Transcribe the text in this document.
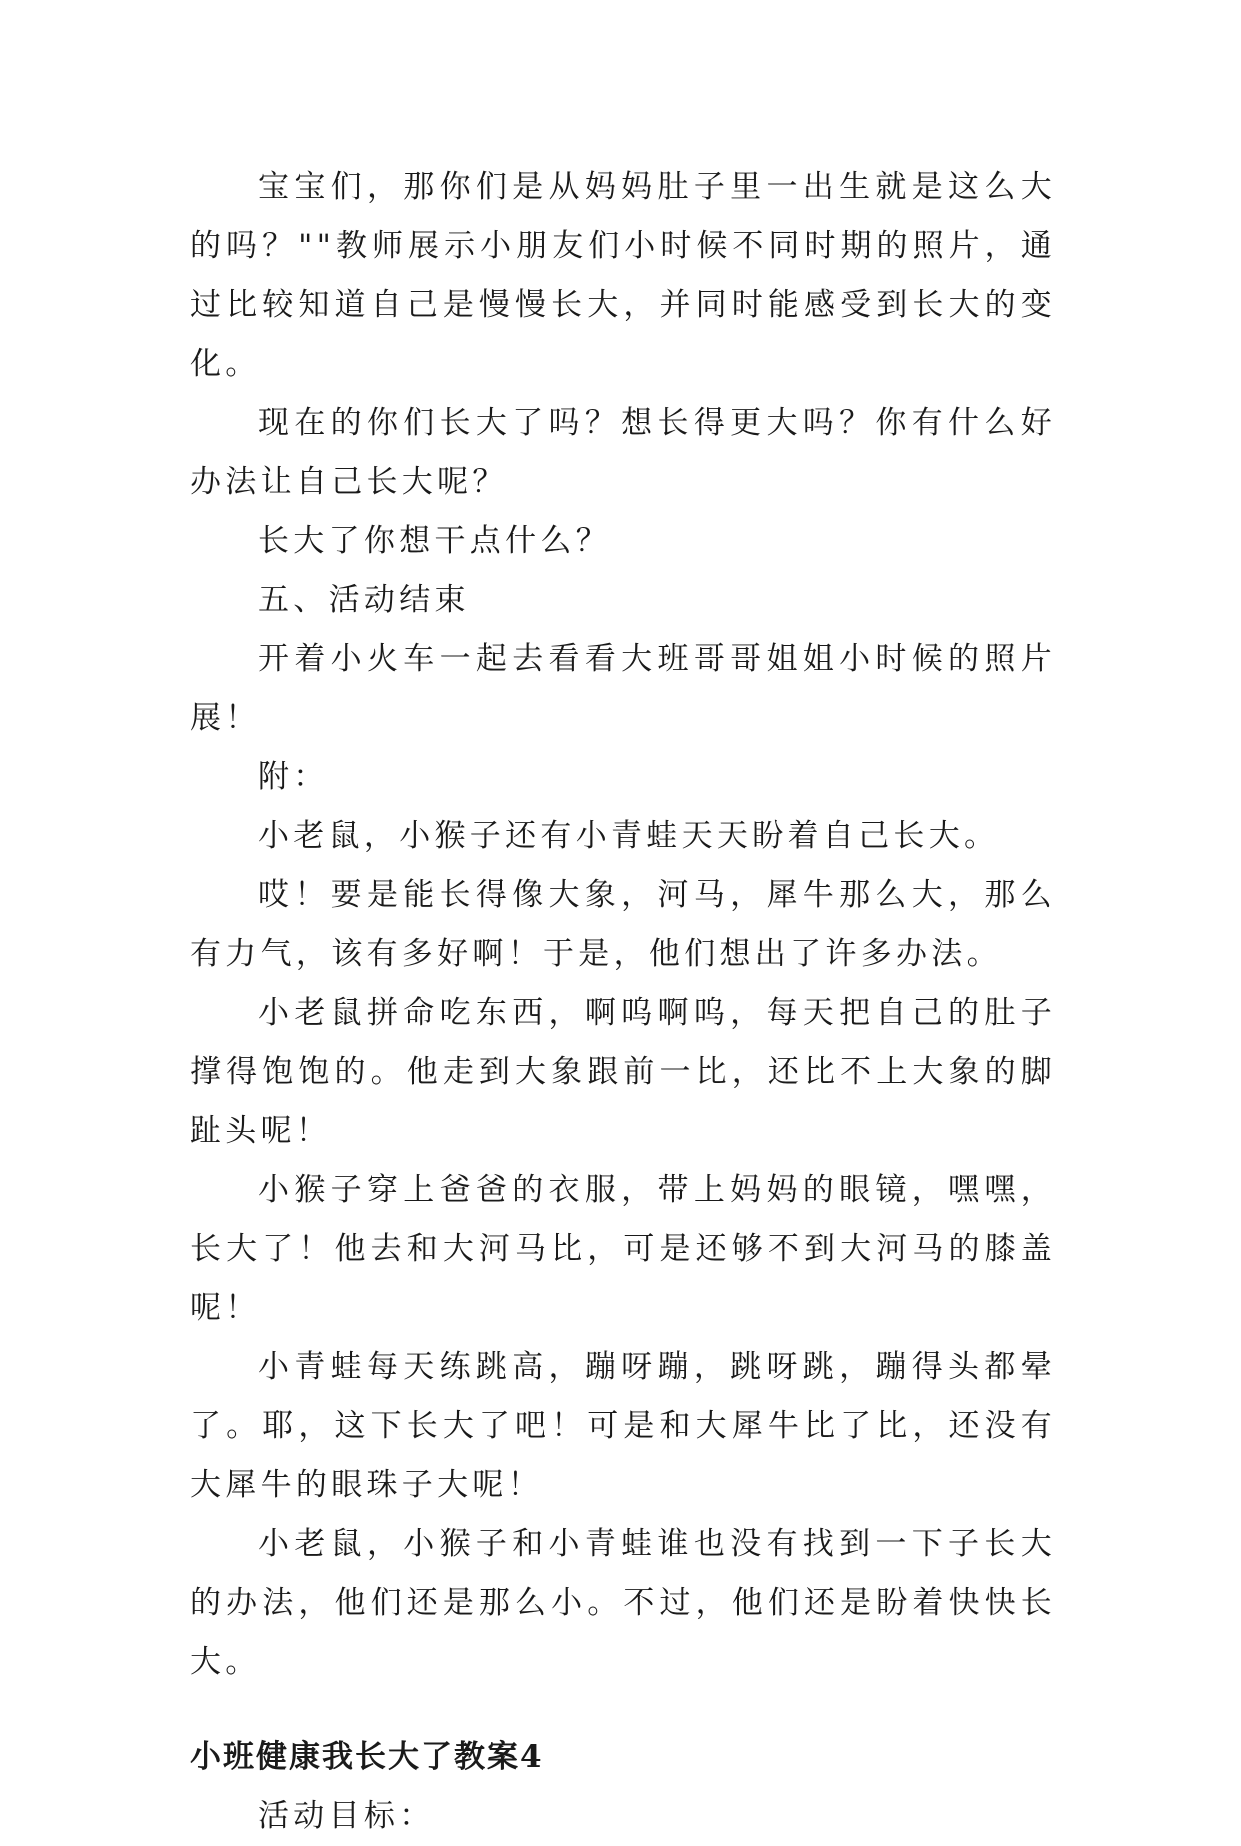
宝宝们，那你们是从妈妈肚子里一出生就是这么大的吗？""教师展示小朋友们小时候不同时期的照片，通过比较知道自己是慢慢长大，并同时能感受到长大的变化。

现在的你们长大了吗？想长得更大吗？你有什么好办法让自己长大呢？

长大了你想干点什么？

五、活动结束

开着小火车一起去看看大班哥哥姐姐小时候的照片展！

附：

小老鼠，小猴子还有小青蛙天天盼着自己长大。

哎！要是能长得像大象，河马，犀牛那么大，那么有力气，该有多好啊！于是，他们想出了许多办法。

小老鼠拼命吃东西，啊呜啊呜，每天把自己的肚子撑得饱饱的。他走到大象跟前一比，还比不上大象的脚趾头呢！

小猴子穿上爸爸的衣服，带上妈妈的眼镜，嘿嘿，长大了！他去和大河马比，可是还够不到大河马的膝盖呢！

小青蛙每天练跳高，蹦呀蹦，跳呀跳，蹦得头都晕了。耶，这下长大了吧！可是和大犀牛比了比，还没有大犀牛的眼珠子大呢！

小老鼠，小猴子和小青蛙谁也没有找到一下子长大的办法，他们还是那么小。不过，他们还是盼着快快长大。

小班健康我长大了教案4

活动目标：
